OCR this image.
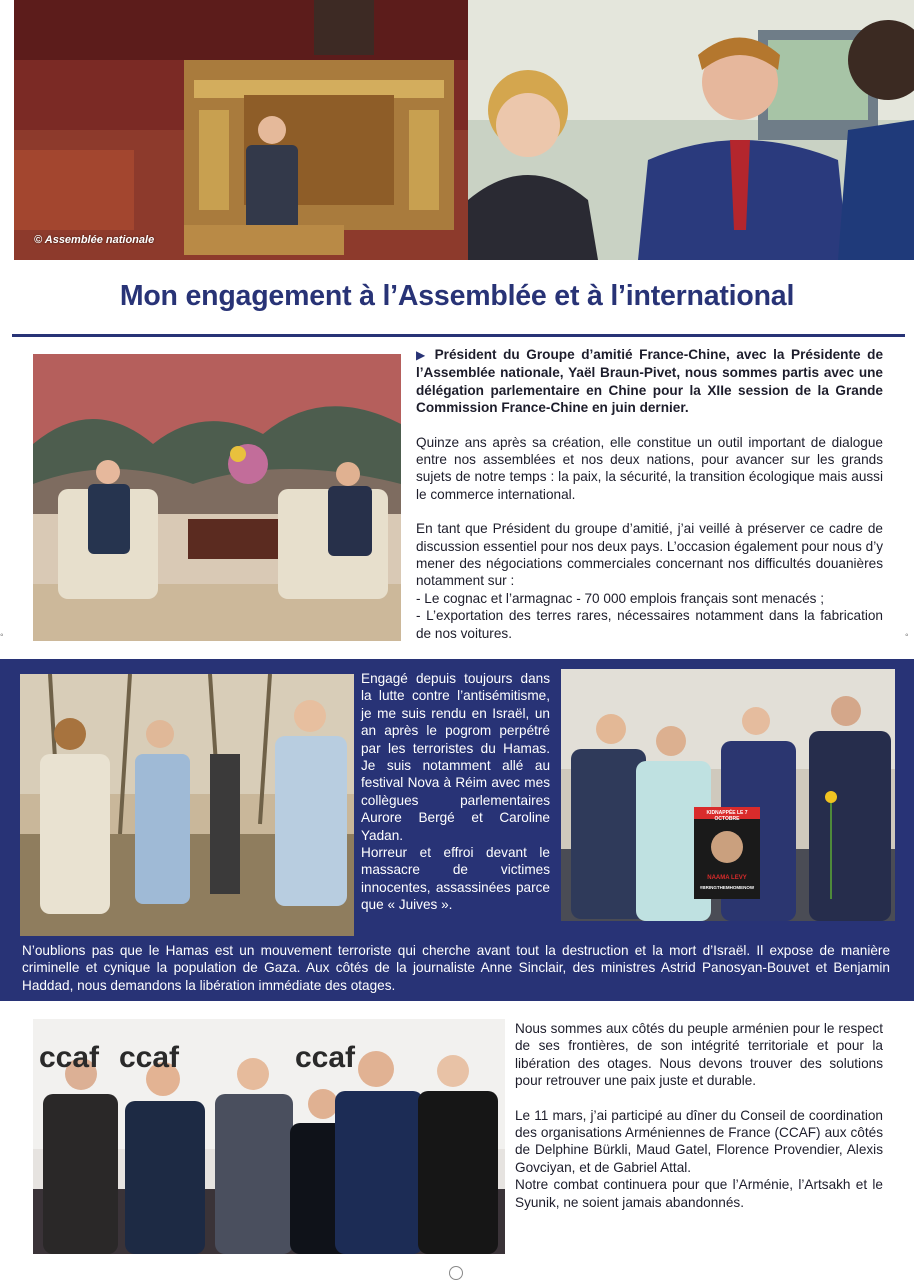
© Assemblée nationale
Mon engagement à l’Assemblée et à l’international

▶ Président du Groupe d’amitié France-Chine, avec la Présidente de l’Assemblée nationale, Yaël Braun-Pivet, nous sommes partis avec une délégation parlementaire en Chine pour la XIIe session de la Grande Commission France-Chine en juin dernier.

Quinze ans après sa création, elle constitue un outil important de dialogue entre nos assemblées et nos deux nations, pour avancer sur les grands sujets de notre temps : la paix, la sécurité, la transition écologique mais aussi le commerce international.

En tant que Président du groupe d’amitié, j’ai veillé à préserver ce cadre de discussion essentiel pour nos deux pays. L’occasion également pour nous d’y mener des négociations commerciales concernant nos difficultés douanières notamment sur :
- Le cognac et l’armagnac - 70 000 emplois français sont menacés ;
- L’exportation des terres rares, nécessaires notamment dans la fabrication de nos voitures.

Engagé depuis toujours dans la lutte contre l’antisémitisme, je me suis rendu en Israël, un an après le pogrom perpétré par les terroristes du Hamas. Je suis notamment allé au festival Nova à Réim avec mes collègues parlementaires Aurore Bergé et Caroline Yadan.

Horreur et effroi devant le massacre de victimes innocentes, assassinées parce que « Juives ».

KIDNAPPÉE LE 7 OCTOBRE
NAAMA LEVY
#BRINGTHEMHOMENOW
N’oublions pas que le Hamas est un mouvement terroriste qui cherche avant tout la destruction et la mort d’Israël. Il expose de manière criminelle et cynique la population de Gaza. Aux côtés de la journaliste Anne Sinclair, des ministres Astrid Panosyan-Bouvet et Benjamin Haddad, nous demandons la libération immédiate des otages.
ccaf ccaf	ccaf

Nous sommes aux côtés du peuple arménien pour le respect de ses frontières, de son intégrité territoriale et pour la libération des otages. Nous devons trouver des solutions pour retrouver une paix juste et durable.

Le 11 mars, j’ai participé au dîner du Conseil de coordination des organisations Arméniennes de France (CCAF) aux côtés de Delphine Bürkli, Maud Gatel, Florence Provendier, Alexis Govciyan, et de Gabriel Attal.

Notre combat continuera pour que l’Arménie, l’Artsakh et le Syunik, ne soient jamais abandonnés.

◦	◦
